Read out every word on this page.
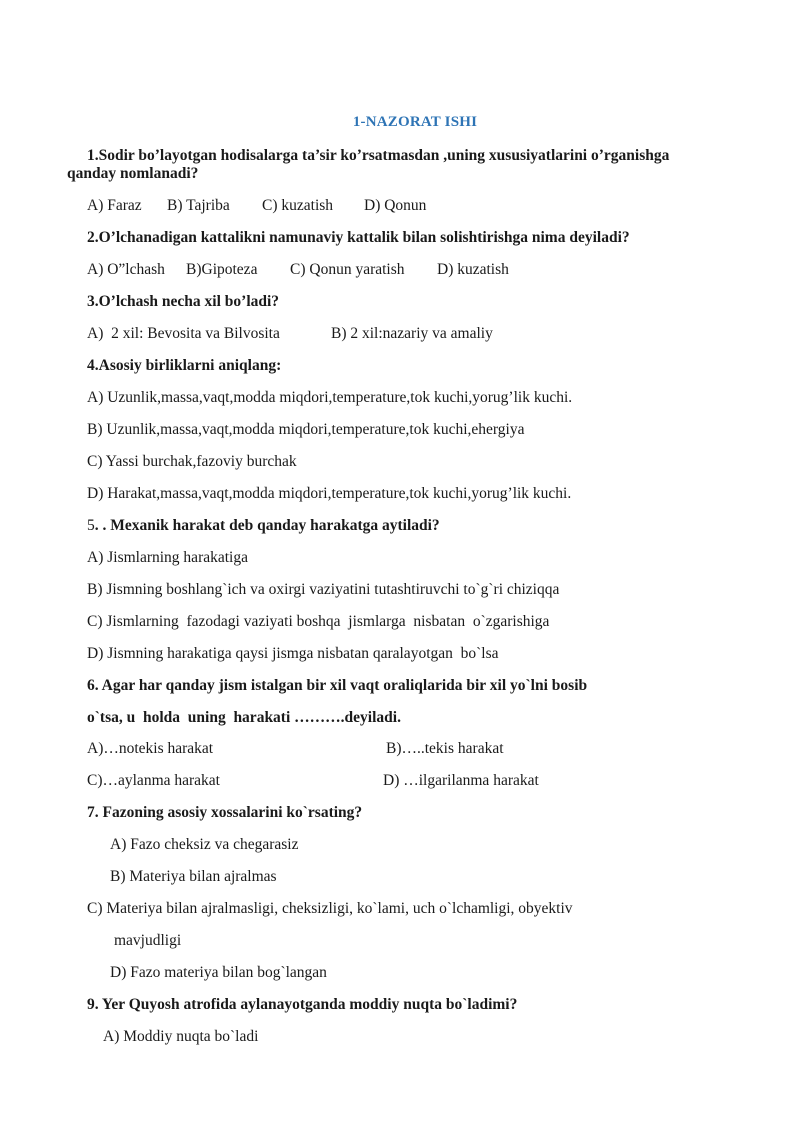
1-NAZORAT ISHI
1.Sodir bo’layotgan hodisalarga ta’sir ko’rsatmasdan ,uning xususiyatlarini o’rganishga
qanday nomlanadi?
A) Faraz B) Tajriba C) kuzatish D) Qonun
2.O’lchanadigan kattalikni namunaviy kattalik bilan solishtirishga nima deyiladi?
A) O”lchash B)Gipoteza C) Qonun yaratish D) kuzatish
3.O’lchash necha xil bo’ladi?
A)  2 xil: Bevosita va Bilvosita	B) 2 xil:nazariy va amaliy
4.Asosiy birliklarni aniqlang:
A) Uzunlik,massa,vaqt,modda miqdori,temperature,tok kuchi,yorug’lik kuchi.
B) Uzunlik,massa,vaqt,modda miqdori,temperature,tok kuchi,ehergiya
C) Yassi burchak,fazoviy burchak
D) Harakat,massa,vaqt,modda miqdori,temperature,tok kuchi,yorug’lik kuchi.
5. . Mexanik harakat deb qanday harakatga aytiladi?
A) Jismlarning harakatiga
B) Jismning boshlang`ich va oxirgi vaziyatini tutashtiruvchi to`g`ri chiziqqa
C) Jismlarning  fazodagi vaziyati boshqa  jismlarga  nisbatan  o`zgarishiga
D) Jismning harakatiga qaysi jismga nisbatan qaralayotgan  bo`lsa
6. Agar har qanday jism istalgan bir xil vaqt oraliqlarida bir xil yo`lni bosib
o`tsa, u  holda  uning  harakati ……….deyiladi.
A)…notekis harakat	B)…..tekis harakat
C)…aylanma harakat	D) …ilgarilanma harakat
7. Fazoning asosiy xossalarini ko`rsating?
A) Fazo cheksiz va chegarasiz
B) Materiya bilan ajralmas
C) Materiya bilan ajralmasligi, cheksizligi, ko`lami, uch o`lchamligi, obyektiv
mavjudligi
D) Fazo materiya bilan bog`langan
9. Yer Quyosh atrofida aylanayotganda moddiy nuqta bo`ladimi?
A) Moddiy nuqta bo`ladi
